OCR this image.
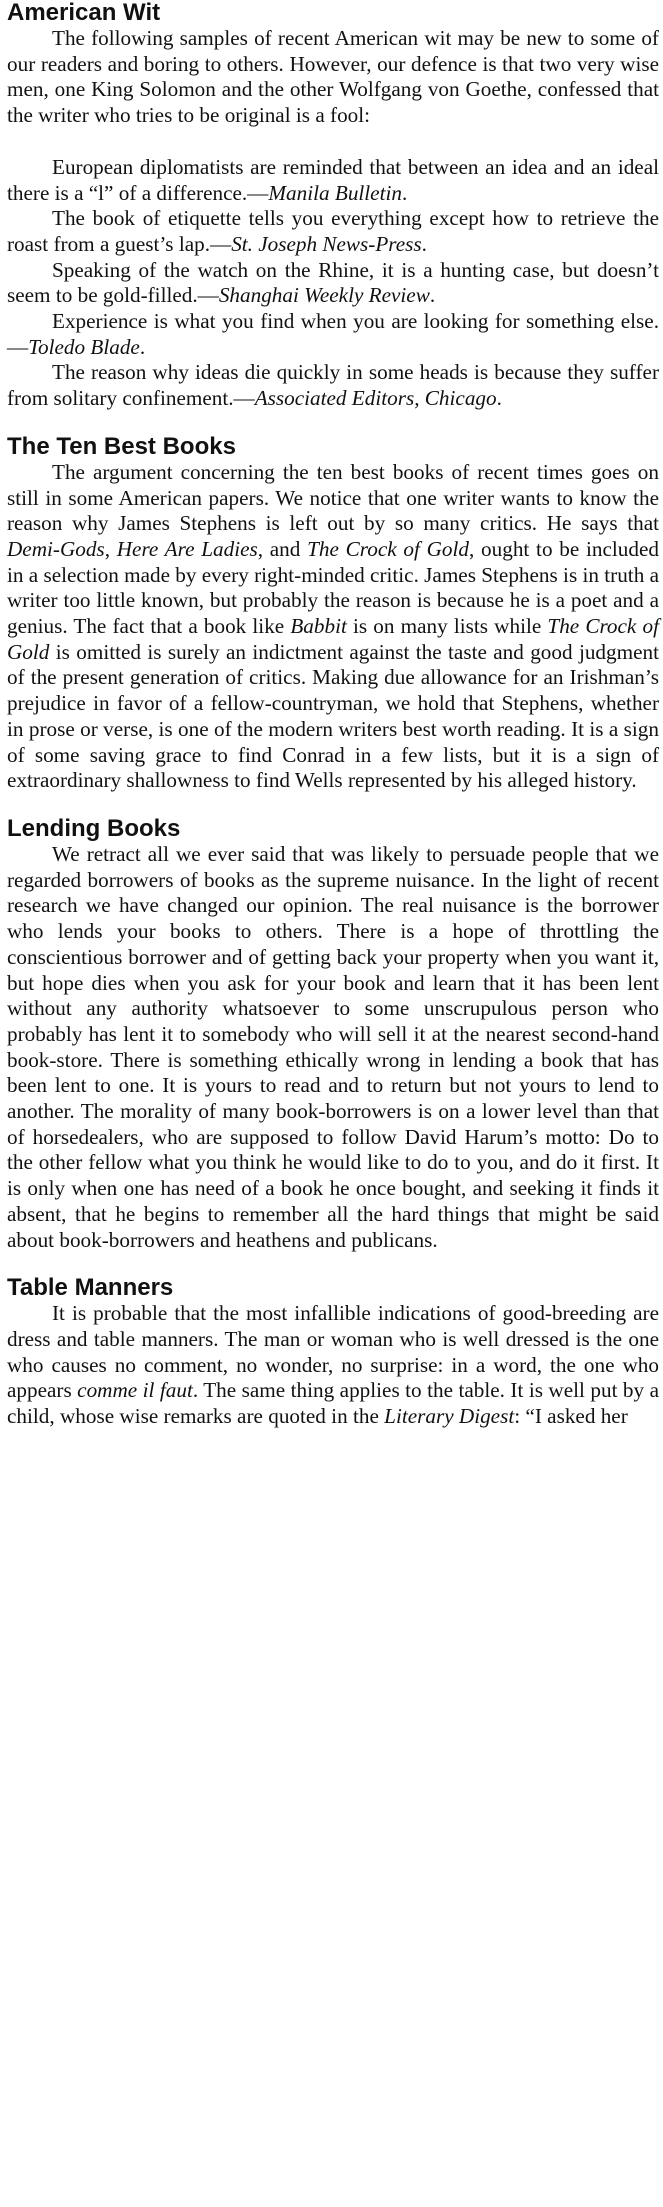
American Wit

The following samples of recent American wit may be new to some of our readers and boring to others. However, our defence is that two very wise men, one King Solomon and the other Wolfgang von Goethe, confessed that the writer who tries to be original is a fool:

European diplomatists are reminded that between an idea and an ideal there is a “l” of a difference.—Manila Bulletin.

The book of etiquette tells you everything except how to retrieve the roast from a guest’s lap.—St. Joseph News-Press.

Speaking of the watch on the Rhine, it is a hunting case, but doesn’t seem to be gold-filled.—Shanghai Weekly Review.

Experience is what you find when you are looking for something else.—Toledo Blade.

The reason why ideas die quickly in some heads is because they suffer from solitary confinement.—Associated Editors, Chicago.

The Ten Best Books

The argument concerning the ten best books of recent times goes on still in some American papers. We notice that one writer wants to know the reason why James Stephens is left out by so many critics. He says that Demi-Gods, Here Are Ladies, and The Crock of Gold, ought to be included in a selection made by every right-minded critic. James Stephens is in truth a writer too little known, but probably the reason is because he is a poet and a genius. The fact that a book like Babbit is on many lists while The Crock of Gold is omitted is surely an indictment against the taste and good judgment of the present generation of critics. Making due allowance for an Irishman’s prejudice in favor of a fellow-countryman, we hold that Stephens, whether in prose or verse, is one of the modern writers best worth reading. It is a sign of some saving grace to find Conrad in a few lists, but it is a sign of extraordinary shallowness to find Wells represented by his alleged history.

Lending Books

We retract all we ever said that was likely to persuade people that we regarded borrowers of books as the supreme nuisance. In the light of recent research we have changed our opinion. The real nuisance is the borrower who lends your books to others. There is a hope of throttling the conscientious borrower and of getting back your property when you want it, but hope dies when you ask for your book and learn that it has been lent without any authority whatsoever to some unscrupulous person who probably has lent it to somebody who will sell it at the nearest second-hand book-store. There is something ethically wrong in lending a book that has been lent to one. It is yours to read and to return but not yours to lend to another. The morality of many book-borrowers is on a lower level than that of horsedealers, who are supposed to follow David Harum’s motto: Do to the other fellow what you think he would like to do to you, and do it first. It is only when one has need of a book he once bought, and seeking it finds it absent, that he begins to remember all the hard things that might be said about book-borrowers and heathens and publicans.

Table Manners

It is probable that the most infallible indications of good-breeding are dress and table manners. The man or woman who is well dressed is the one who causes no comment, no wonder, no surprise: in a word, the one who appears comme il faut. The same thing applies to the table. It is well put by a child, whose wise remarks are quoted in the Literary Digest: “I asked her
